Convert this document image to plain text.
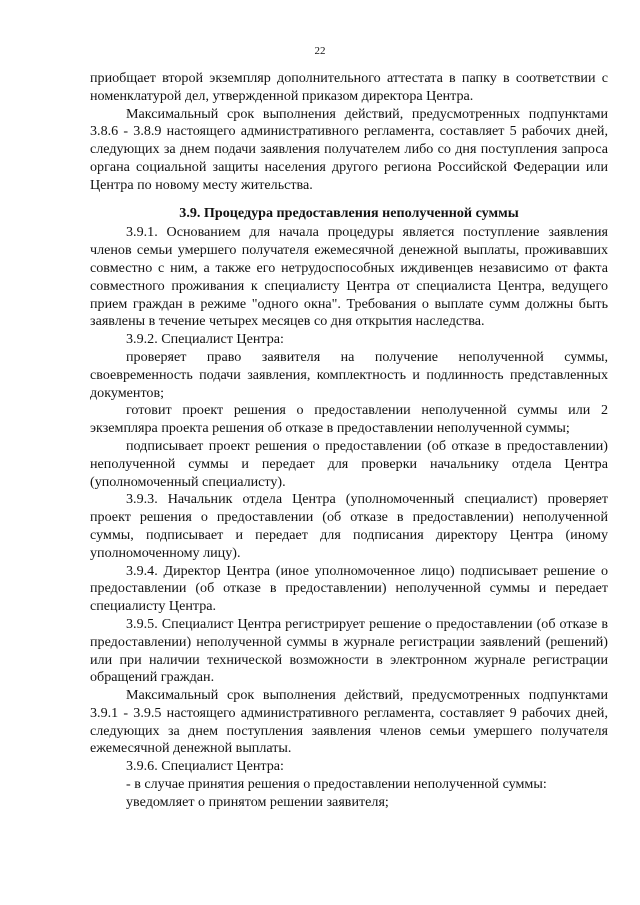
22

приобщает второй экземпляр дополнительного аттестата в папку в соответствии с номенклатурой дел, утвержденной приказом директора Центра.

Максимальный срок выполнения действий, предусмотренных подпунктами 3.8.6 - 3.8.9 настоящего административного регламента, составляет 5 рабочих дней, следующих за днем подачи заявления получателем либо со дня поступления запроса органа социальной защиты населения другого региона Российской Федерации или Центра по новому месту жительства.

3.9. Процедура предоставления неполученной суммы

3.9.1. Основанием для начала процедуры является поступление заявления членов семьи умершего получателя ежемесячной денежной выплаты, проживавших совместно с ним, а также его нетрудоспособных иждивенцев независимо от факта совместного проживания к специалисту Центра от специалиста Центра, ведущего прием граждан в режиме "одного окна". Требования о выплате сумм должны быть заявлены в течение четырех месяцев со дня открытия наследства.

3.9.2. Специалист Центра:

проверяет право заявителя на получение неполученной суммы, своевременность подачи заявления, комплектность и подлинность представленных документов;

готовит проект решения о предоставлении неполученной суммы или 2 экземпляра проекта решения об отказе в предоставлении неполученной суммы;

подписывает проект решения о предоставлении (об отказе в предоставлении) неполученной суммы и передает для проверки начальнику отдела Центра (уполномоченный специалисту).

3.9.3. Начальник отдела Центра (уполномоченный специалист) проверяет проект решения о предоставлении (об отказе в предоставлении) неполученной суммы, подписывает и передает для подписания директору Центра (иному уполномоченному лицу).

3.9.4. Директор Центра (иное уполномоченное лицо) подписывает решение о предоставлении (об отказе в предоставлении) неполученной суммы и передает специалисту Центра.

3.9.5. Специалист Центра регистрирует решение о предоставлении (об отказе в предоставлении) неполученной суммы в журнале регистрации заявлений (решений) или при наличии технической возможности в электронном журнале регистрации обращений граждан.

Максимальный срок выполнения действий, предусмотренных подпунктами 3.9.1 - 3.9.5 настоящего административного регламента, составляет 9 рабочих дней, следующих за днем поступления заявления членов семьи умершего получателя ежемесячной денежной выплаты.

3.9.6. Специалист Центра:

- в случае принятия решения о предоставлении неполученной суммы:

уведомляет о принятом решении заявителя;
